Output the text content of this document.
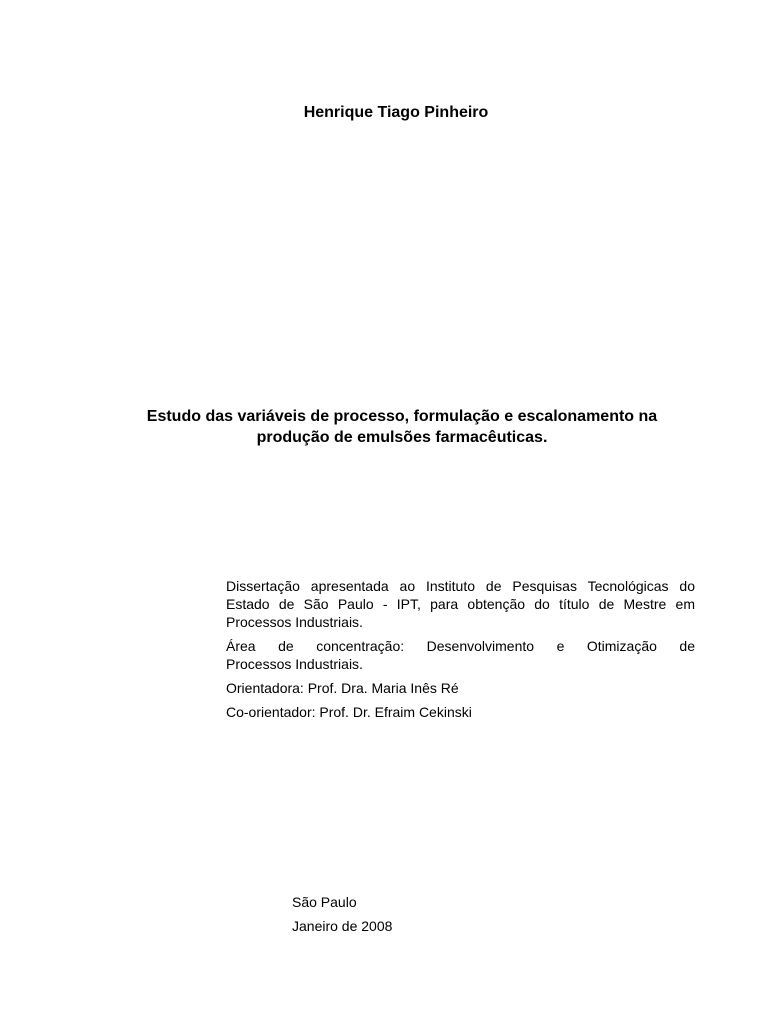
Henrique Tiago Pinheiro
Estudo das variáveis de processo, formulação e escalonamento na
produção de emulsões farmacêuticas.

Dissertação apresentada ao Instituto de Pesquisas Tecnológicas do
Estado de São Paulo - IPT, para obtenção do título de Mestre em
Processos Industriais.

Área de concentração: Desenvolvimento e Otimização de
Processos Industriais.

Orientadora: Prof. Dra. Maria Inês Ré

Co-orientador: Prof. Dr. Efraim Cekinski

São Paulo
Janeiro de 2008
